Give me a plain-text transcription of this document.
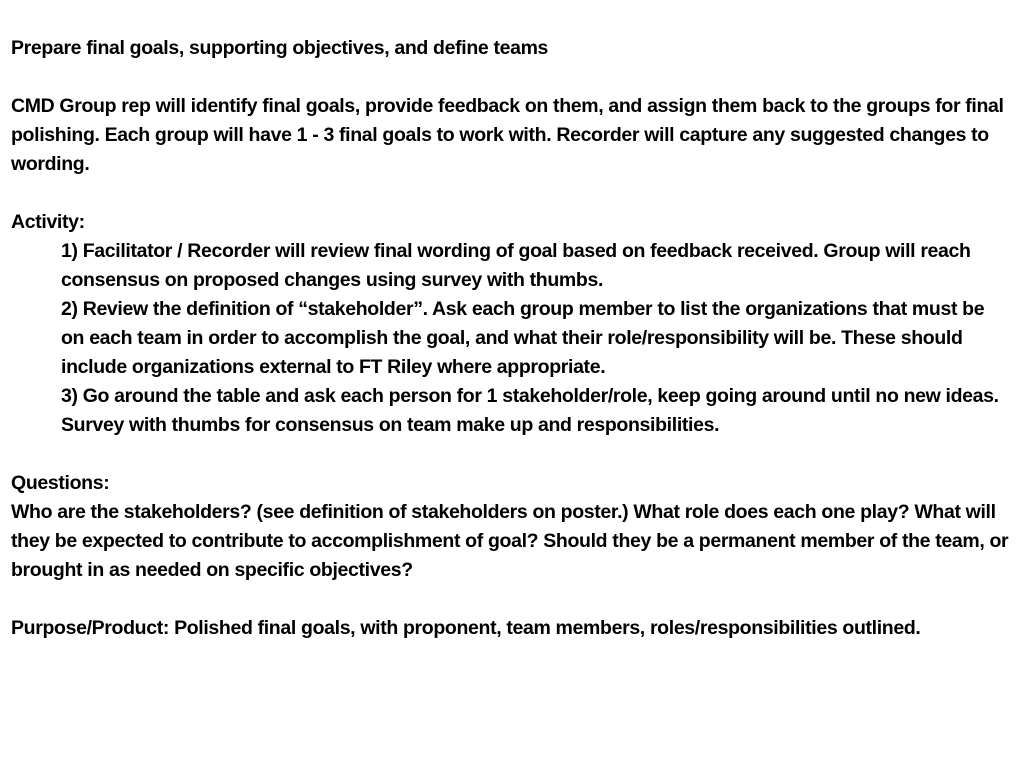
Prepare final goals, supporting objectives, and define teams

CMD Group rep will identify final goals, provide feedback on them, and assign them back to the groups for final polishing. Each group will have 1 - 3 final goals to work with. Recorder will capture any suggested changes to wording.

Activity:

1) Facilitator / Recorder will review final wording of goal based on feedback received. Group will reach consensus on proposed changes using survey with thumbs.

2) Review the definition of “stakeholder”. Ask each group member to list the organizations that must be on each team in order to accomplish the goal, and what their role/responsibility will be. These should include organizations external to FT Riley where appropriate.

3) Go around the table and ask each person for 1 stakeholder/role, keep going around until no new ideas. Survey with thumbs for consensus on team make up and responsibilities.

Questions:

Who are the stakeholders? (see definition of stakeholders on poster.) What role does each one play? What will they be expected to contribute to accomplishment of goal? Should they be a permanent member of the team, or brought in as needed on specific objectives?

Purpose/Product: Polished final goals, with proponent, team members, roles/responsibilities outlined.
